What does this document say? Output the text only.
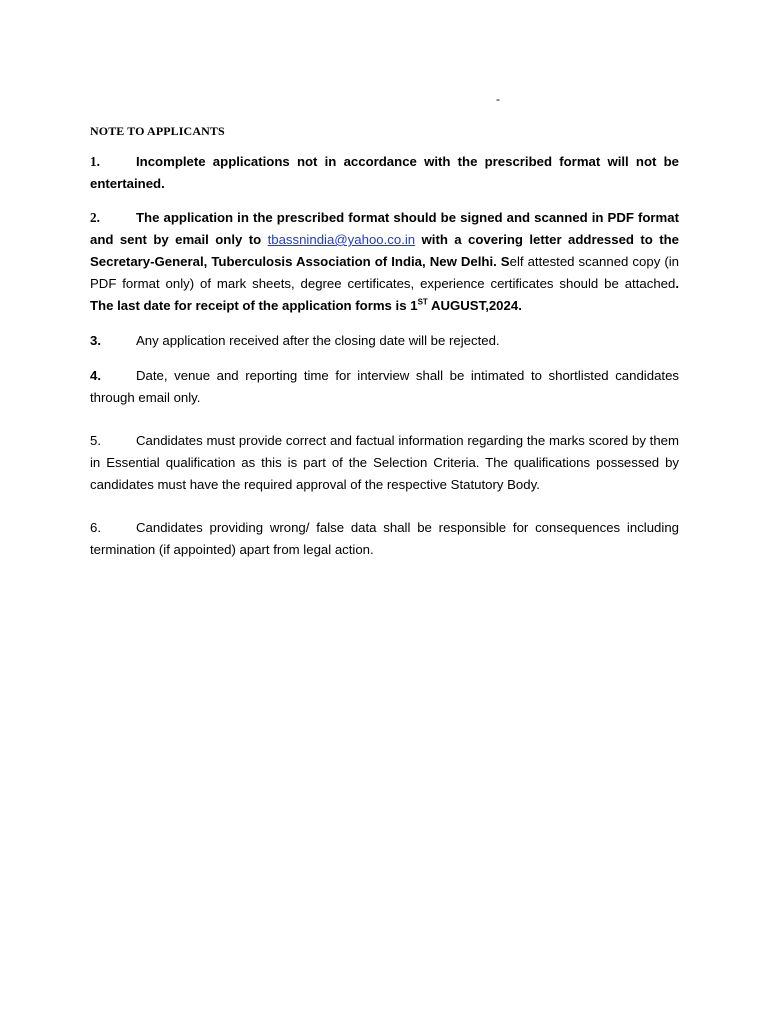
-
NOTE TO APPLICANTS

1.	Incomplete applications not in accordance with the prescribed format will not be entertained.

2.	The application in the prescribed format should be signed and scanned in PDF format and sent by email only to tbassnindia@yahoo.co.in with a covering letter addressed to the Secretary-General, Tuberculosis Association of India, New Delhi. Self attested scanned copy (in PDF format only) of mark sheets, degree certificates, experience certificates should be attached. The last date for receipt of the application forms is 1ST AUGUST,2024.

3.	Any application received after the closing date will be rejected.

4.	Date, venue and reporting time for interview shall be intimated to shortlisted candidates through email only.

5.	Candidates must provide correct and factual information regarding the marks scored by them in Essential qualification as this is part of the Selection Criteria. The qualifications possessed by candidates must have the required approval of the respective Statutory Body.

6.	Candidates providing wrong/ false data shall be responsible for consequences including termination (if appointed) apart from legal action.
